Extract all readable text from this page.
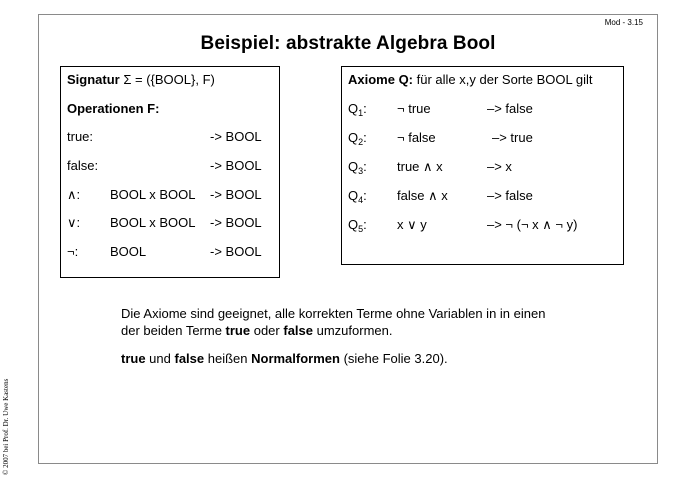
© 2007 bei Prof. Dr. Uwe Kastens
Mod - 3.15
Beispiel: abstrakte Algebra Bool
Signatur Σ = ({BOOL}, F)
Operationen F:
true:	-> BOOL
false:	-> BOOL
∧: BOOL x BOOL -> BOOL
∨: BOOL x BOOL -> BOOL
¬: BOOL	-> BOOL
Axiome Q: für alle x,y der Sorte BOOL gilt
$Q_1$: ¬ true	–> false
$Q_2$: ¬ false	–> true
$Q_3$: true ∧ x	–> x
$Q_4$: false ∧ x	–> false
$Q_5$: x ∨ y	–> ¬ (¬ x ∧ ¬ y)
Die Axiome sind geeignet, alle korrekten Terme ohne Variablen in in einen
der beiden Terme true oder false umzuformen.
true und false heißen Normalformen (siehe Folie 3.20).
